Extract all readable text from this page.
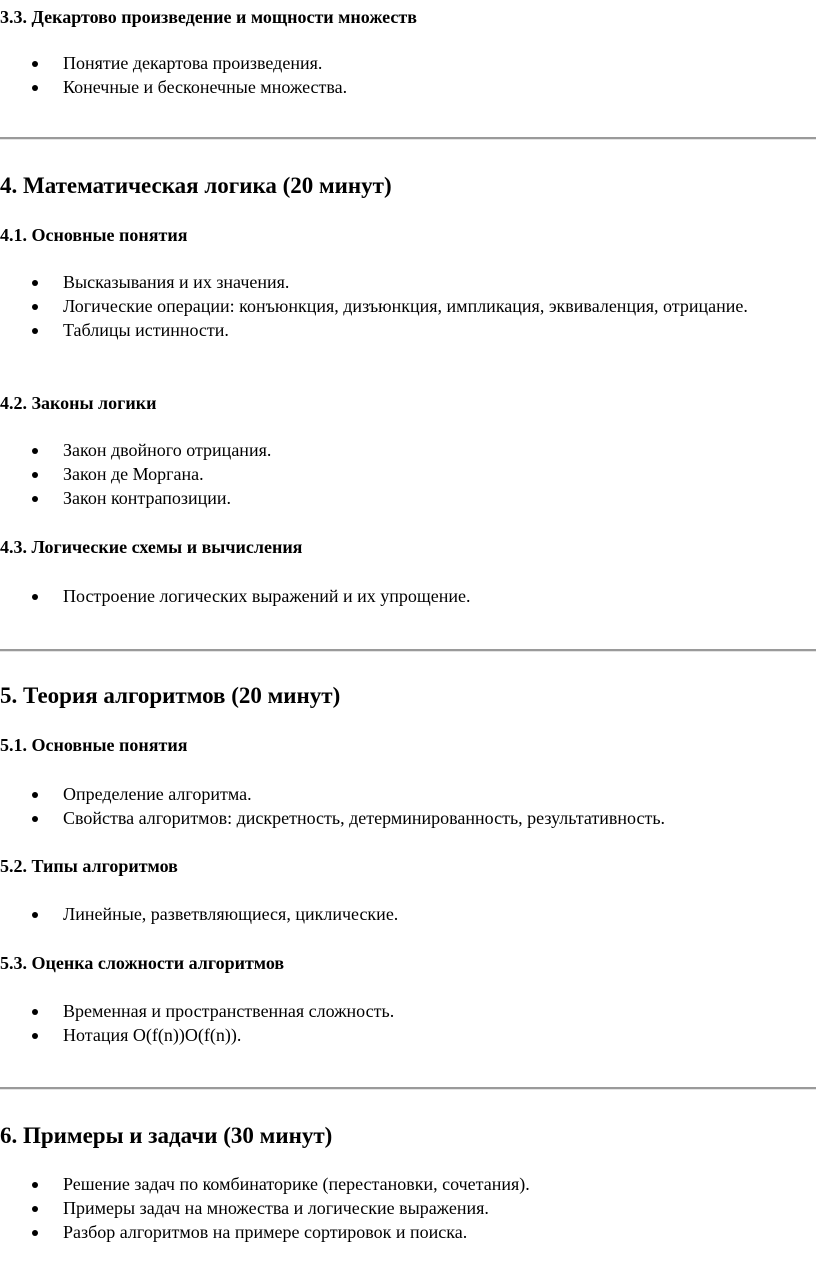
3.3. Декартово произведение и мощности множеств
Понятие декартова произведения.
Конечные и бесконечные множества.
4. Математическая логика (20 минут)
4.1. Основные понятия
Высказывания и их значения.
Логические операции: конъюнкция, дизъюнкция, импликация, эквиваленция, отрицание.
Таблицы истинности.
4.2. Законы логики
Закон двойного отрицания.
Закон де Моргана.
Закон контрапозиции.
4.3. Логические схемы и вычисления
Построение логических выражений и их упрощение.
5. Теория алгоритмов (20 минут)
5.1. Основные понятия
Определение алгоритма.
Свойства алгоритмов: дискретность, детерминированность, результативность.
5.2. Типы алгоритмов
Линейные, разветвляющиеся, циклические.
5.3. Оценка сложности алгоритмов
Временная и пространственная сложность.
Нотация O(f(n))O(f(n)).
6. Примеры и задачи (30 минут)
Решение задач по комбинаторике (перестановки, сочетания).
Примеры задач на множества и логические выражения.
Разбор алгоритмов на примере сортировок и поиска.
